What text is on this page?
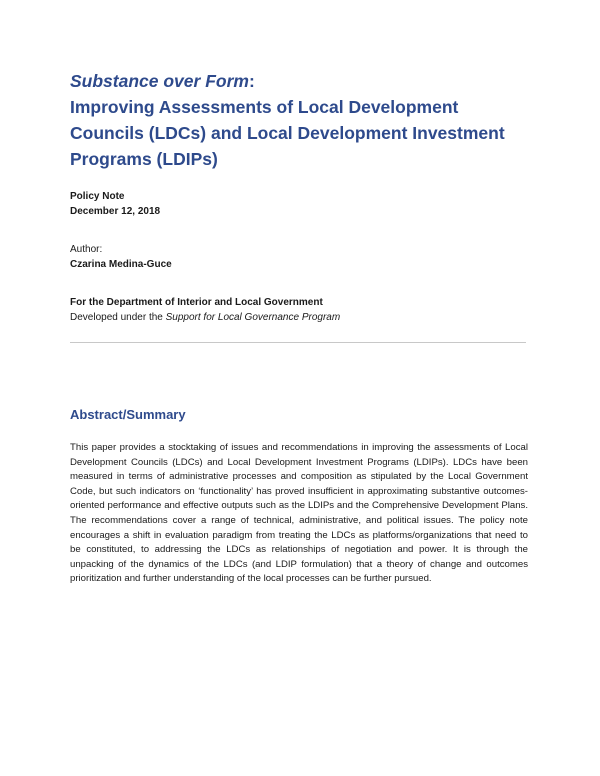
Substance over Form:
Improving Assessments of Local Development
Councils (LDCs) and Local Development Investment
Programs (LDIPs)
Policy Note
December 12, 2018
Author:
Czarina Medina-Guce
For the Department of Interior and Local Government
Developed under the Support for Local Governance Program
Abstract/Summary
This paper provides a stocktaking of issues and recommendations in improving the assessments of Local Development Councils (LDCs) and Local Development Investment Programs (LDIPs). LDCs have been measured in terms of administrative processes and composition as stipulated by the Local Government Code, but such indicators on ‘functionality’ has proved insufficient in approximating substantive outcomes-oriented performance and effective outputs such as the LDIPs and the Comprehensive Development Plans. The recommendations cover a range of technical, administrative, and political issues. The policy note encourages a shift in evaluation paradigm from treating the LDCs as platforms/organizations that need to be constituted, to addressing the LDCs as relationships of negotiation and power. It is through the unpacking of the dynamics of the LDCs (and LDIP formulation) that a theory of change and outcomes prioritization and further understanding of the local processes can be further pursued.
